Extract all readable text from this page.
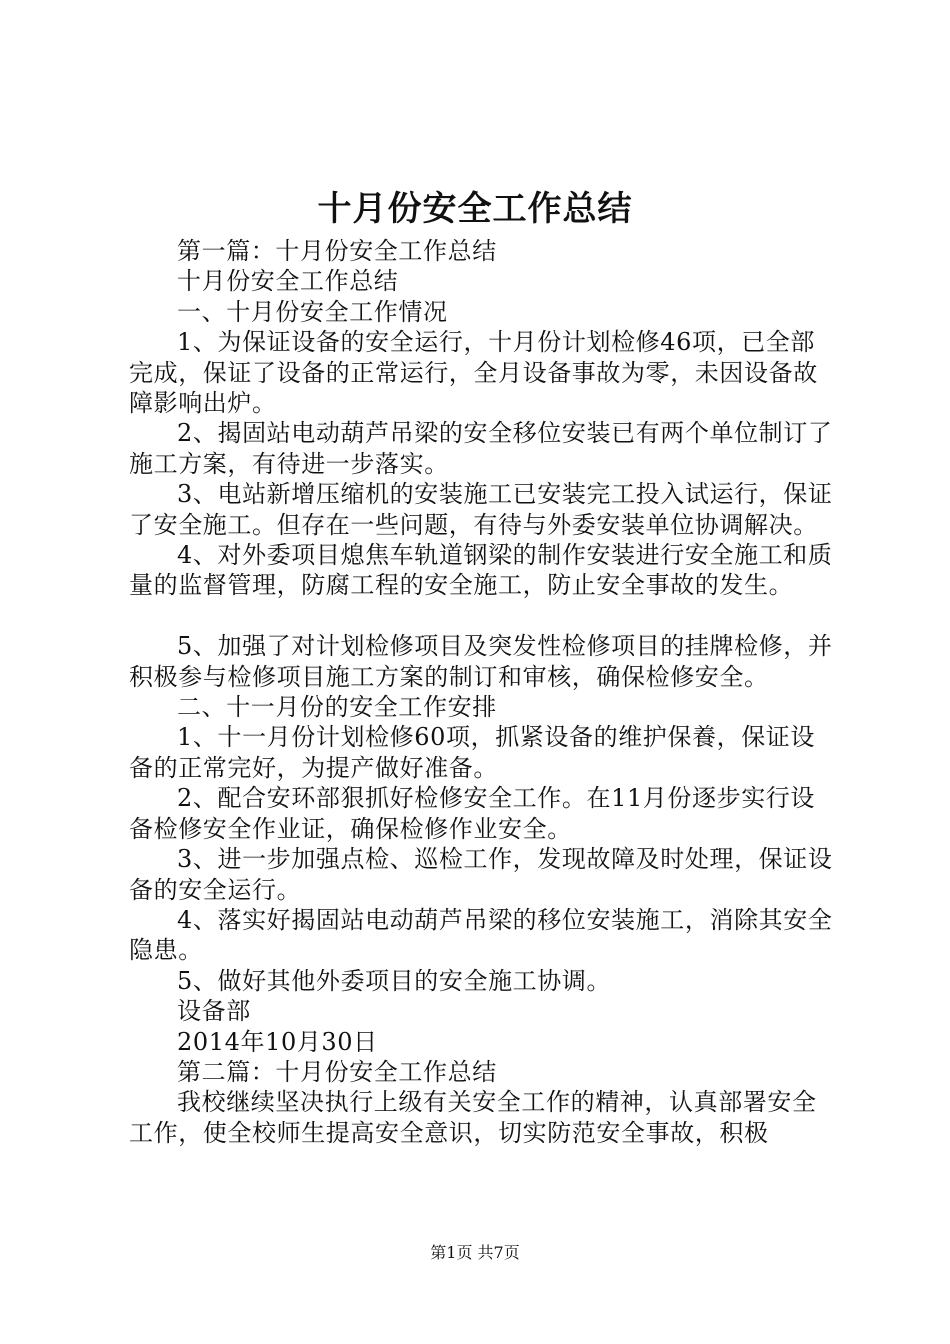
十月份安全工作总结

第一篇：十月份安全工作总结

十月份安全工作总结

一、十月份安全工作情况

1、为保证设备的安全运行，十月份计划检修46项，已全部完成，保证了设备的正常运行，全月设备事故为零，未因设备故障影响出炉。

2、揭固站电动葫芦吊梁的安全移位安装已有两个单位制订了施工方案，有待进一步落实。

3、电站新增压缩机的安装施工已安装完工投入试运行，保证了安全施工。但存在一些问题，有待与外委安装单位协调解决。

4、对外委项目熄焦车轨道钢梁的制作安装进行安全施工和质量的监督管理，防腐工程的安全施工，防止安全事故的发生。

5、加强了对计划检修项目及突发性检修项目的挂牌检修，并积极参与检修项目施工方案的制订和审核，确保检修安全。

二、十一月份的安全工作安排

1、十一月份计划检修60项，抓紧设备的维护保養，保证设备的正常完好，为提产做好准备。

2、配合安环部狠抓好检修安全工作。在11月份逐步实行设备检修安全作业证，确保检修作业安全。

3、进一步加强点检、巡检工作，发现故障及时处理，保证设备的安全运行。

4、落实好揭固站电动葫芦吊梁的移位安装施工，消除其安全隐患。

5、做好其他外委项目的安全施工协调。

设备部

2014年10月30日

第二篇：十月份安全工作总结

我校继续坚决执行上级有关安全工作的精神，认真部署安全工作，使全校师生提高安全意识，切实防范安全事故，积极

第1页 共7页
